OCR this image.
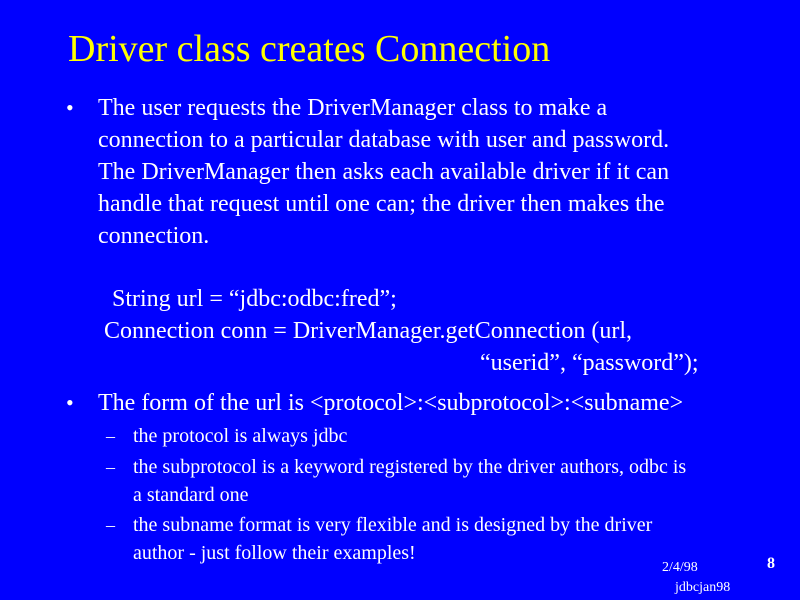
Driver class creates Connection
• The user requests the DriverManager class to make a
connection to a particular database with user and password.
The DriverManager then asks each available driver if it can
handle that request until one can; the driver then makes the
connection.
String url = “jdbc:odbc:fred”;
Connection conn = DriverManager.getConnection (url,
“userid”, “password”);
• The form of the url is <protocol>:<subprotocol>:<subname>
– the protocol is always jdbc
– the subprotocol is a keyword registered by the driver authors, odbc is
a standard one
– the subname format is very flexible and is designed by the driver
author - just follow their examples!
2/4/98
jdbcjan98
8
